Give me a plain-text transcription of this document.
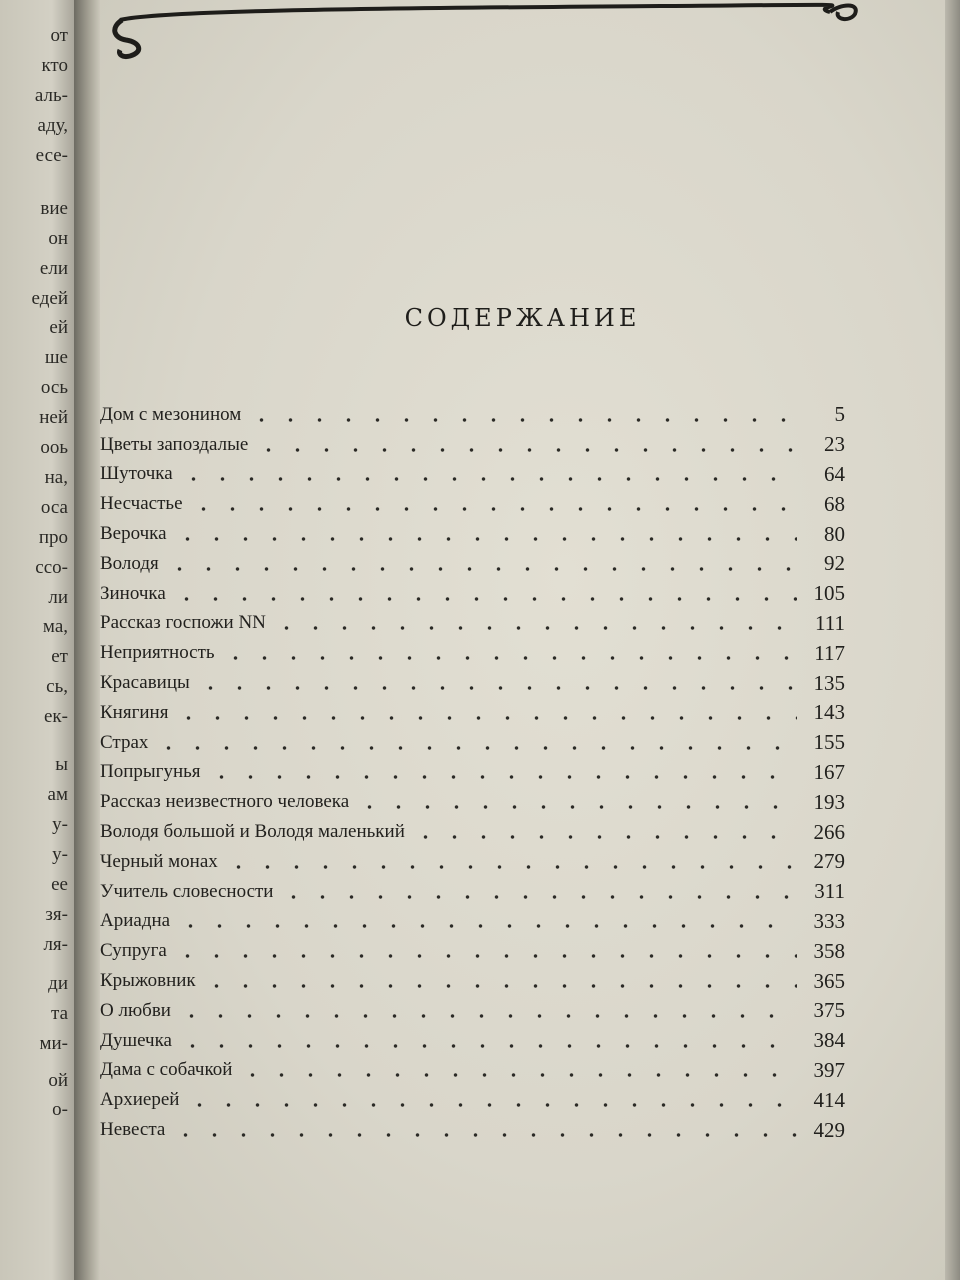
от
кто
аль-
аду,
есе-
вие
он
ели
едей
ей
ше
ось
ней
ооь
на,
оса
про
ссо-
ли
ма,
ет
сь,
ек-
ы
ам
у-
у-
ее
зя-
ля-
ди
та
ми-
ой
о-
СОДЕРЖАНИЕ
Дом с мезонином	5
Цветы запоздалые	23
Шуточка	64
Несчастье	68
Верочка	80
Володя	92
Зиночка	105
Рассказ госпожи NN	111
Неприятность	117
Красавицы	135
Княгиня	143
Страх	155
Попрыгунья	167
Рассказ неизвестного человека	193
Володя большой и Володя маленький	266
Черный монах	279
Учитель словесности	311
Ариадна	333
Супруга	358
Крыжовник	365
О любви	375
Душечка	384
Дама с собачкой	397
Архиерей	414
Невеста	429
